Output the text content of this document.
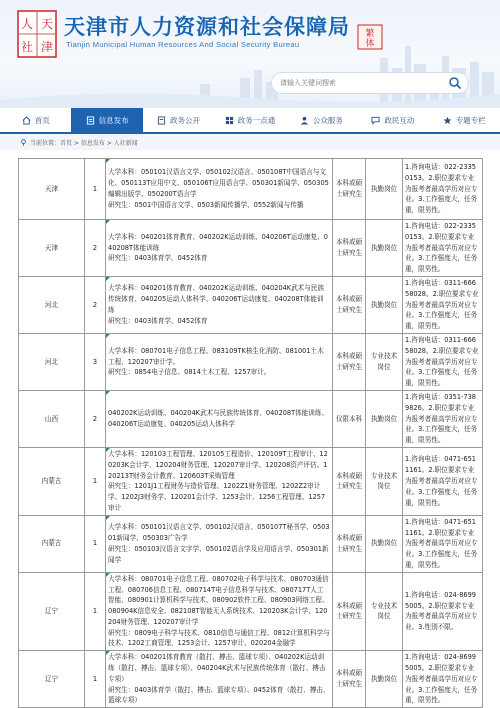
人 天
社 津
天津市人力资源和社会保障局
Tianjin Municipal Human Resources And Social Security Bureau
繁
体
请输入关键词搜索
首页	信息发布	政务公开	政务一点通	公众服务	政民互动	专题专栏
当前位置：首页 > 信息发布 > 人社新闻
天津	1	大学本科：050101汉语言文学、050102汉语言、050108T中国语言与文化、050113T应用中文、050106T应用语言学、050301新闻学、050305编辑出版学、050200T语言学
研究生：0501中国语言文学、0503新闻传播学、0552新闻与传播	本科或硕士研究生	执勤岗位	1.咨询电话：022-23350153。2.职位要求专业为报考者最高学历对应专业。3.工作强度大，任务重，限男性。
天津	2	大学本科：040201体育教育、040202K运动训练、040206T运动康复、040208T体能训练
研究生：0403体育学、0452体育	本科或硕士研究生	执勤岗位	1.咨询电话：022-23350153。2.职位要求专业为报考者最高学历对应专业。3.工作强度大，任务重，限男性。
河北	2	大学本科：040201体育教育、040202K运动训练、040204K武术与民族传统体育、040205运动人体科学、040206T运动康复、040208T体能训练
研究生：0403体育学、0452体育	本科或硕士研究生	执勤岗位	1.咨询电话：0311-66658028。2.职位要求专业为报考者最高学历对应专业。3.工作强度大，任务重，限男性。
河北	3	大学本科：080701电子信息工程、083109TK核生化消防、081001土木工程、120207审计学。
研究生：0854电子信息、0814土木工程、1257审计。	本科或硕士研究生	专业技术岗位	1.咨询电话：0311-66658028。2.职位要求专业为报考者最高学历对应专业。3.工作强度大，任务重，限男性。
山西	2	040202K运动训练、040204K武术与民族传统体育、040208T体能训练、040206T运动康复、040205运动人体科学	仅限本科	执勤岗位	1.咨询电话：0351-7389826。2.职位要求专业为报考者最高学历对应专业。3.工作强度大，任务重，限男性。
内蒙古	1	大学本科：120103工程管理、120105工程造价、120109T工程审计、120203K会计学、120204财务管理、120207审计学、120208资产评估、120213T财务会计教育、120603T采购管理
研究生：1201J1工程财务与造价管理、1202Z1财务管理、1202Z2审计学、1202J3财务学、120201会计学、1253会计、1256工程管理、1257审计	本科或硕士研究生	专业技术岗位	1.咨询电话：0471-6511161。2.职位要求专业为报考者最高学历对应专业。3.工作强度大，任务重，限男性。
内蒙古	1	大学本科：050101汉语言文学、050102汉语言、050107T秘书学、050301新闻学、050303广告学
研究生：050103汉语言文字学、050102语言学及应用语言学、050301新闻学	本科或硕士研究生	执勤岗位	1.咨询电话：0471-6511161。2.职位要求专业为报考者最高学历对应专业。3.工作强度大，任务重，限男性。
辽宁	1	大学本科：080701电子信息工程、080702电子科学与技术、080703通信工程、080706信息工程、080714T电子信息科学与技术、080717T人工智能、080901计算机科学与技术、080902软件工程、080903网络工程、080904K信息安全、082108T智能无人系统技术、120203K会计学、120204财务管理、120207审计学
研究生：0809电子科学与技术、0810信息与通信工程、0812计算机科学与技术、1202工商管理、1253会计、1257审计、020204金融学	本科或硕士研究生	专业技术岗位	1.咨询电话：024-86995005。2.职位要求专业为报考者最高学历对应专业。3.性别不限。
辽宁	1	大学本科：040201体育教育（散打、搏击、篮球专项）、040202K运动训练（散打、搏击、篮球专项）、040204K武术与民族传统体育（散打、搏击专项）
研究生：0403体育学（散打、搏击、篮球专项）、0452体育（散打、搏击、篮球专项）	本科或硕士研究生	执勤岗位	1.咨询电话：024-86995005。2.职位要求专业为报考者最高学历对应专业。3.工作强度大，任务重，限男性。
